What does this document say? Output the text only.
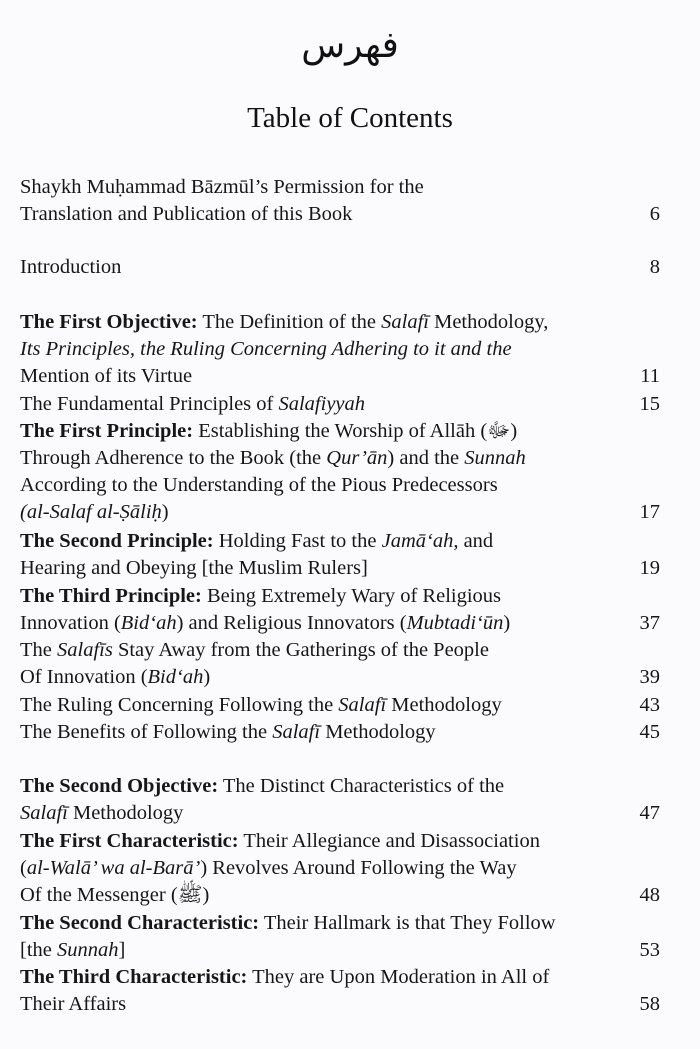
فهرس
Table of Contents
Shaykh Muḥammad Bāzmūl’s Permission for the
Translation and Publication of this Book	6
Introduction	8
The First Objective: The Definition of the Salafī Methodology,
Its Principles, the Ruling Concerning Adhering to it and the
Mention of its Virtue	11
The Fundamental Principles of Salafiyyah	15
The First Principle: Establishing the Worship of Allāh (ﷻ)
Through Adherence to the Book (the Qur’ān) and the Sunnah
According to the Understanding of the Pious Predecessors
(al-Salaf al-Ṣāliḥ)	17
The Second Principle: Holding Fast to the Jamā‘ah, and
Hearing and Obeying [the Muslim Rulers]	19
The Third Principle: Being Extremely Wary of Religious
Innovation (Bid‘ah) and Religious Innovators (Mubtadi‘ūn)	37
The Salafīs Stay Away from the Gatherings of the People
Of Innovation (Bid‘ah)	39
The Ruling Concerning Following the Salafī Methodology	43
The Benefits of Following the Salafī Methodology	45
The Second Objective: The Distinct Characteristics of the
Salafī Methodology	47
The First Characteristic: Their Allegiance and Disassociation
(al-Walā’ wa al-Barā’) Revolves Around Following the Way
Of the Messenger (ﷺ)	48
The Second Characteristic: Their Hallmark is that They Follow
[the Sunnah]	53
The Third Characteristic: They are Upon Moderation in All of
Their Affairs	58
